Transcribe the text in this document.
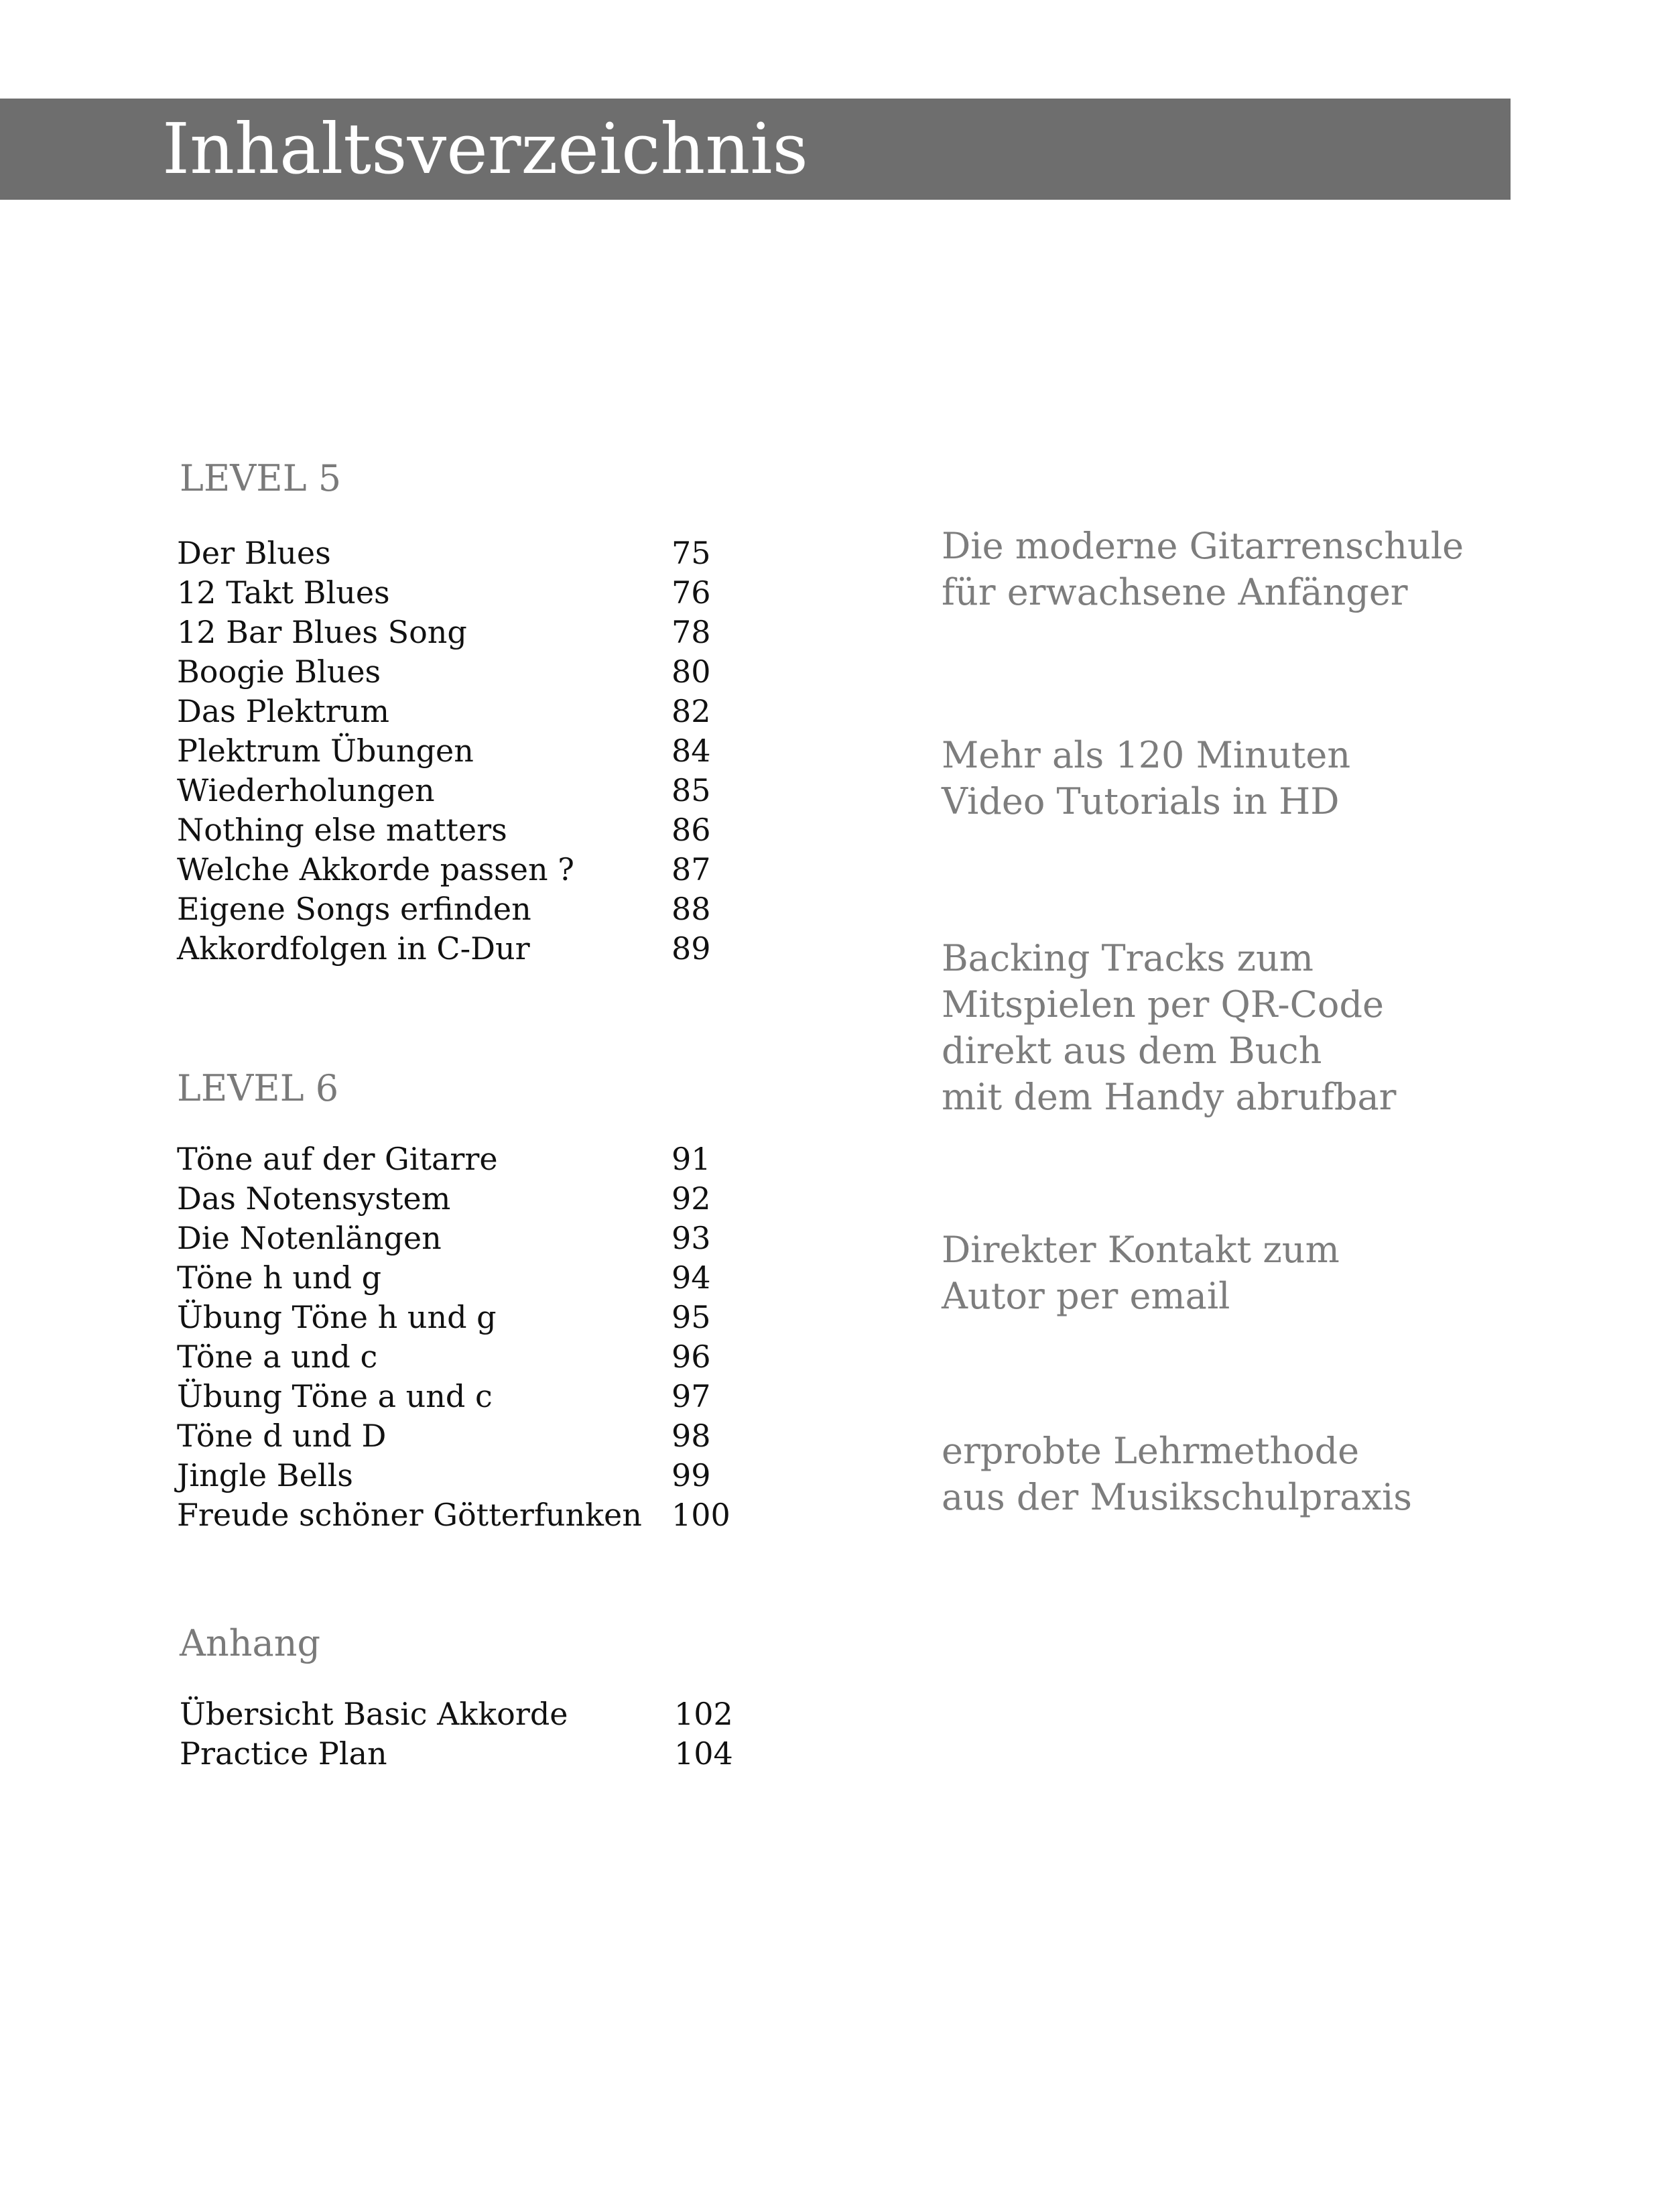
Inhaltsverzeichnis
LEVEL 5
Der Blues	75
12 Takt Blues	76
12 Bar Blues Song	78
Boogie Blues	80
Das Plektrum	82
Plektrum Übungen	84
Wiederholungen	85
Nothing else matters	86
Welche Akkorde passen ?	87
Eigene Songs erfinden	88
Akkordfolgen in C-Dur	89
LEVEL 6
Töne auf der Gitarre	91
Das Notensystem	92
Die Notenlängen	93
Töne h und g	94
Übung Töne h und g	95
Töne a und c	96
Übung Töne a und c	97
Töne d und D	98
Jingle Bells	99
Freude schöner Götterfunken 100
Anhang
Übersicht Basic Akkorde	102
Practice Plan	104
Die moderne Gitarrenschule
für erwachsene Anfänger
Mehr als 120 Minuten
Video Tutorials in HD
Backing Tracks zum
Mitspielen per QR-Code
direkt aus dem Buch
mit dem Handy abrufbar
Direkter Kontakt zum
Autor per email
erprobte Lehrmethode
aus der Musikschulpraxis
